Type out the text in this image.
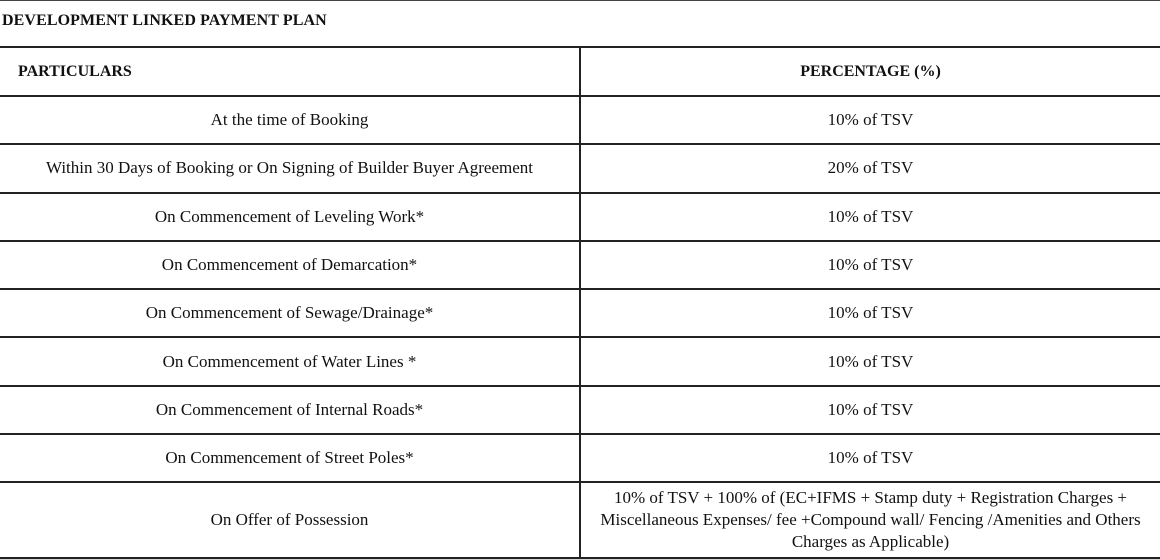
DEVELOPMENT LINKED PAYMENT PLAN
PARTICULARS	PERCENTAGE (%)
At the time of Booking	10% of TSV
Within 30 Days of Booking or On Signing of Builder Buyer Agreement	20% of TSV
On Commencement of Leveling Work*	10% of TSV
On Commencement of Demarcation*	10% of TSV
On Commencement of Sewage/Drainage*	10% of TSV
On Commencement of Water Lines *	10% of TSV
On Commencement of Internal Roads*	10% of TSV
On Commencement of Street Poles*	10% of TSV
On Offer of Possession	10% of TSV + 100% of (EC+IFMS + Stamp duty + Registration Charges + Miscellaneous Expenses/ fee +Compound wall/ Fencing /Amenities and Others Charges as Applicable)
